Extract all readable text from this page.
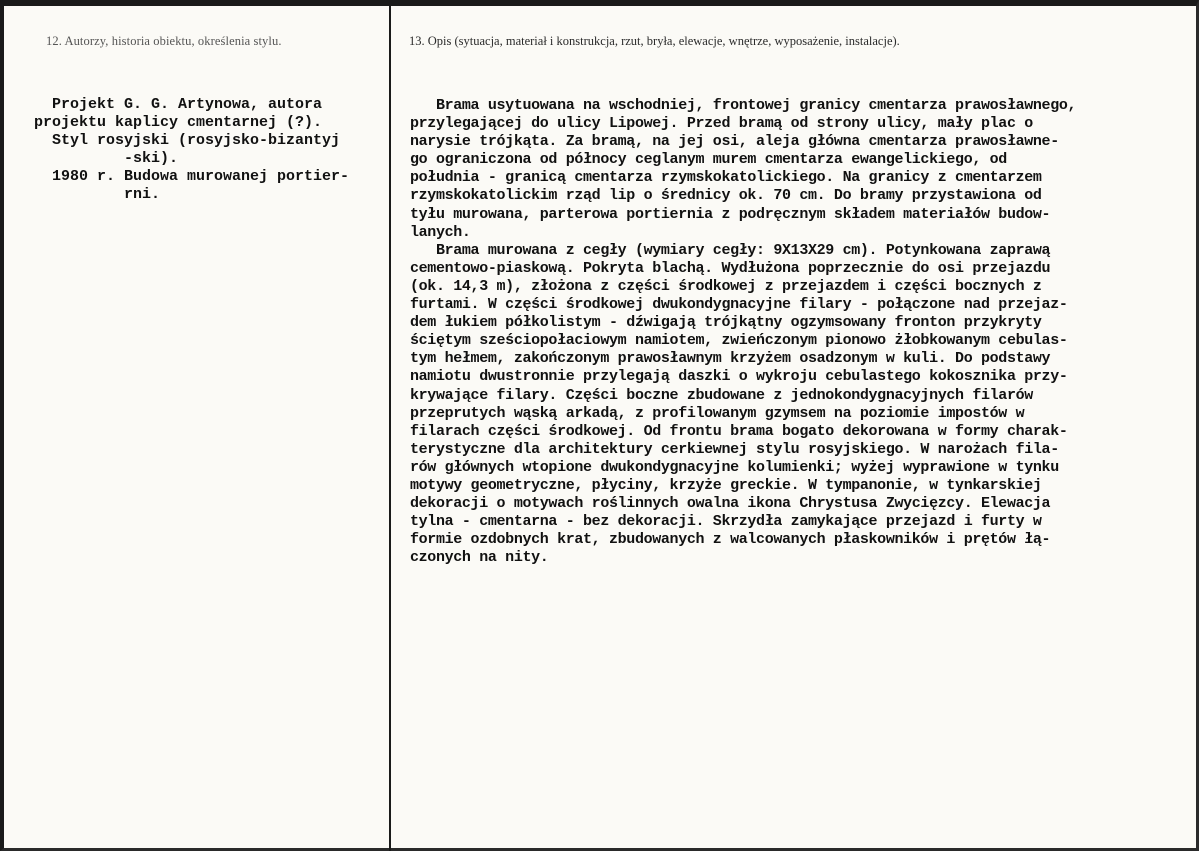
12. Autorzy, historia obiektu, określenia stylu.	13. Opis (sytuacja, materiał i konstrukcja, rzut, bryła, elewacje, wnętrze, wyposażenie, instalacje).
Projekt G. G. Artynowa, autora
projektu kaplicy cmentarnej (?).
Styl rosyjski (rosyjsko-bizantyj
-ski).
1980 r. Budowa murowanej portier-
rni.
Brama usytuowana na wschodniej, frontowej granicy cmentarza prawosławnego,
przylegającej do ulicy Lipowej. Przed bramą od strony ulicy, mały plac o
narysie trójkąta. Za bramą, na jej osi, aleja główna cmentarza prawosławne-
go ograniczona od północy ceglanym murem cmentarza ewangelickiego, od
południa - granicą cmentarza rzymskokatolickiego. Na granicy z cmentarzem
rzymskokatolickim rząd lip o średnicy ok. 70 cm. Do bramy przystawiona od
tyłu murowana, parterowa portiernia z podręcznym składem materiałów budow-
lanych.
Brama murowana z cegły (wymiary cegły: 9X13X29 cm). Potynkowana zaprawą
cementowo-piaskową. Pokryta blachą. Wydłużona poprzecznie do osi przejazdu
(ok. 14,3 m), złożona z części środkowej z przejazdem i części bocznych z
furtami. W części środkowej dwukondygnacyjne filary - połączone nad przejaz-
dem łukiem półkolistym - dźwigają trójkątny ogzymsowany fronton przykryty
ściętym sześciopołaciowym namiotem, zwieńczonym pionowo żłobkowanym cebulas-
tym hełmem, zakończonym prawosławnym krzyżem osadzonym w kuli. Do podstawy
namiotu dwustronnie przylegają daszki o wykroju cebulastego kokosznika przy-
krywające filary. Części boczne zbudowane z jednokondygnacyjnych filarów
przeprutych wąską arkadą, z profilowanym gzymsem na poziomie impostów w
filarach części środkowej. Od frontu brama bogato dekorowana w formy charak-
terystyczne dla architektury cerkiewnej stylu rosyjskiego. W narożach fila-
rów głównych wtopione dwukondygnacyjne kolumienki; wyżej wyprawione w tynku
motywy geometryczne, płyciny, krzyże greckie. W tympanonie, w tynkarskiej
dekoracji o motywach roślinnych owalna ikona Chrystusa Zwycięzcy. Elewacja
tylna - cmentarna - bez dekoracji. Skrzydła zamykające przejazd i furty w
formie ozdobnych krat, zbudowanych z walcowanych płaskowników i prętów łą-
czonych na nity.
